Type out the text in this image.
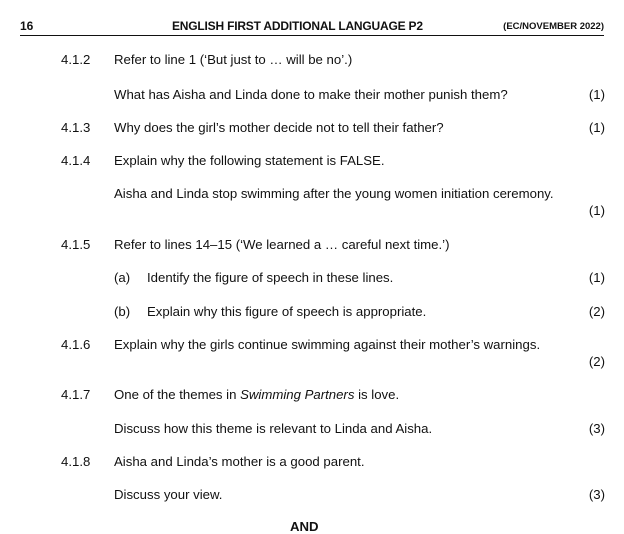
16	ENGLISH FIRST ADDITIONAL LANGUAGE P2	(EC/NOVEMBER 2022)
4.1.2 Refer to line 1 (‘But just to … will be no’.)
What has Aisha and Linda done to make their mother punish them?	(1)
4.1.3 Why does the girl’s mother decide not to tell their father?	(1)
4.1.4 Explain why the following statement is FALSE.
Aisha and Linda stop swimming after the young women initiation ceremony.
(1)
4.1.5 Refer to lines 14–15 (‘We learned a … careful next time.’)
(a) Identify the figure of speech in these lines.	(1)
(b) Explain why this figure of speech is appropriate.	(2)
4.1.6 Explain why the girls continue swimming against their mother’s warnings.
(2)
4.1.7 One of the themes in Swimming Partners is love.
Discuss how this theme is relevant to Linda and Aisha.	(3)
4.1.8 Aisha and Linda’s mother is a good parent.
Discuss your view.	(3)
AND
